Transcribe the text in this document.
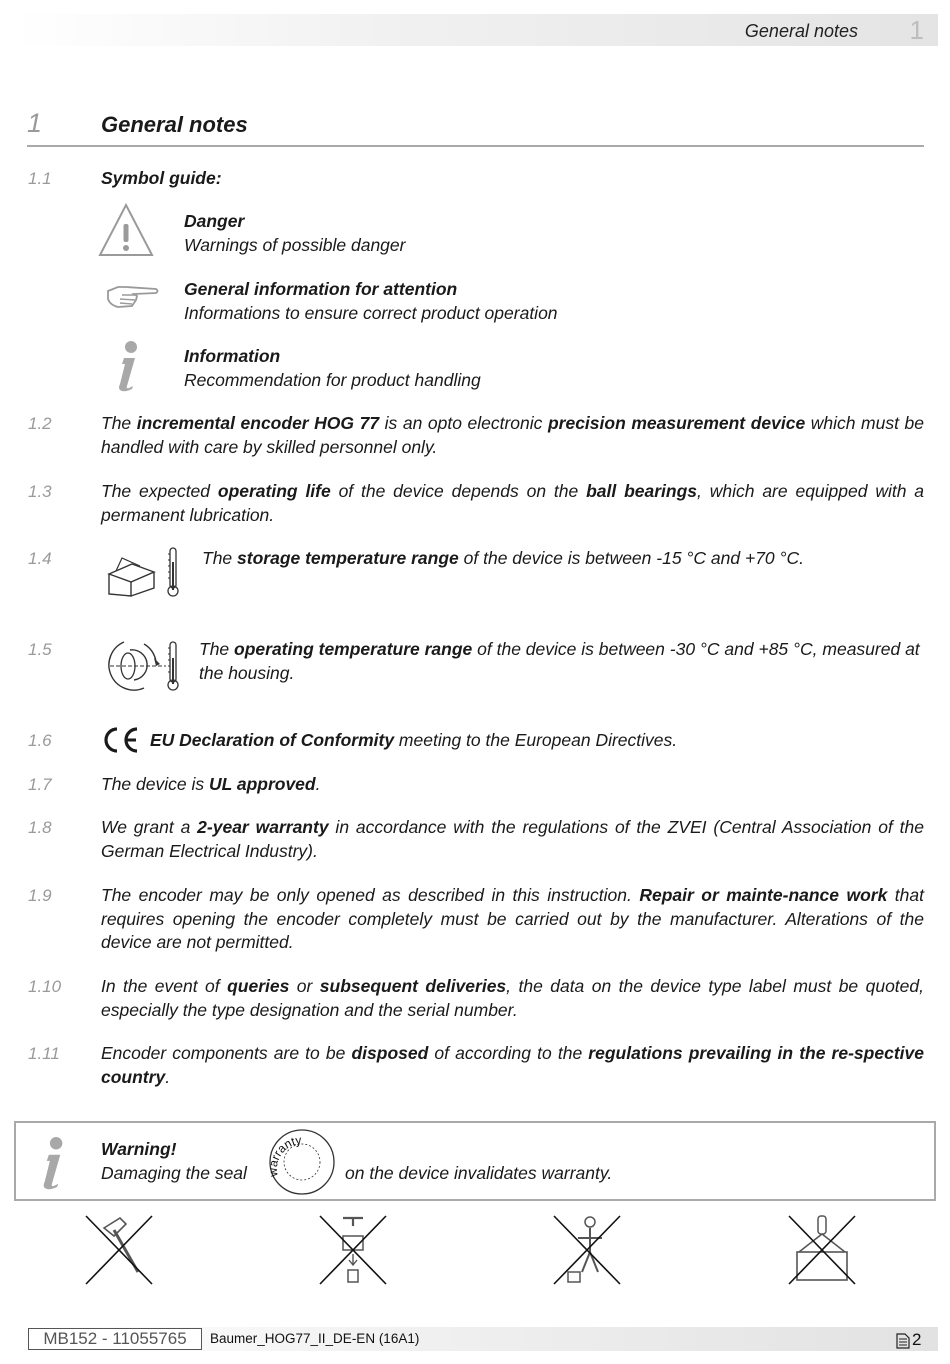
General notes 1
1	General notes
1.1	Symbol guide:
Danger
Warnings of possible danger
General information for attention
Informations to ensure correct product operation
Information
Recommendation for product handling
1.2	The incremental encoder HOG 77 is an opto electronic precision measurement device which must be handled with care by skilled personnel only.
1.3	The expected operating life of the device depends on the ball bearings, which are equipped with a permanent lubrication.
1.4	The storage temperature range of the device is between -15 °C and +70 °C.
1.5	The operating temperature range of the device is between -30 °C and +85 °C, measured at the housing.
1.6	EU Declaration of Conformity meeting to the European Directives.
1.7	The device is UL approved.
1.8	We grant a 2-year warranty in accordance with the regulations of the ZVEI (Central Association of the German Electrical Industry).
1.9	The encoder may be only opened as described in this instruction. Repair or mainte-nance work that requires opening the encoder completely must be carried out by the manufacturer. Alterations of the device are not permitted.
1.10 In the event of queries or subsequent deliveries, the data on the device type label must be quoted, especially the type designation and the serial number.
1.11 Encoder components are to be disposed of according to the regulations prevailing in the re-spective country.
Warning!
Damaging the seal warranty
on the device invalidates warranty.
MB152 - 11055765	Baumer_HOG77_II_DE-EN (16A1)	2
